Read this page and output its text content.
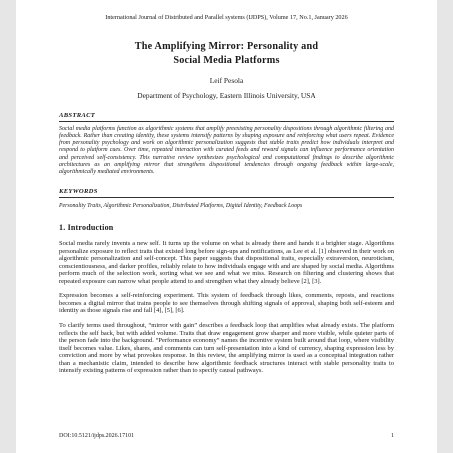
International Journal of Distributed and Parallel systems (IJDPS), Volume 17, No.1, January 2026
The Amplifying Mirror: Personality and
Social Media Platforms
Leif Pesola
Department of Psychology, Eastern Illinois University, USA
ABSTRACT
Social media platforms function as algorithmic systems that amplify preexisting personality dispositions through algorithmic filtering and feedback. Rather than creating identity, these systems intensify patterns by shaping exposure and reinforcing what users repeat. Evidence from personality psychology and work on algorithmic personalization suggests that stable traits predict how individuals interpret and respond to platform cues. Over time, repeated interaction with curated feeds and reward signals can influence performance orientation and perceived self-consistency. This narrative review synthesizes psychological and computational findings to describe algorithmic architectures as an amplifying mirror that strengthens dispositional tendencies through ongoing feedback within large-scale, algorithmically mediated environments.
KEYWORDS
Personality Traits, Algorithmic Personalization, Distributed Platforms, Digital Identity, Feedback Loops
1. Introduction
Social media rarely invents a new self. It turns up the volume on what is already there and hands it a brighter stage. Algorithms personalize exposure to reflect traits that existed long before sign-ups and notifications, as Lee et al. [1] observed in their work on algorithmic personalization and self-concept. This paper suggests that dispositional traits, especially extraversion, neuroticism, conscientiousness, and darker profiles, reliably relate to how individuals engage with and are shaped by social media. Algorithms perform much of the selection work, sorting what we see and what we miss. Research on filtering and clustering shows that repeated exposure can narrow what people attend to and strengthen what they already believe [2], [3].
Expression becomes a self-reinforcing experiment. This system of feedback through likes, comments, reposts, and reactions becomes a digital mirror that trains people to see themselves through shifting signals of approval, shaping both self-esteem and identity as those signals rise and fall [4], [5], [6].
To clarify terms used throughout, “mirror with gain” describes a feedback loop that amplifies what already exists. The platform reflects the self back, but with added volume. Traits that draw engagement grow sharper and more visible, while quieter parts of the person fade into the background. “Performance economy” names the incentive system built around that loop, where visibility itself becomes value. Likes, shares, and comments can turn self-presentation into a kind of currency, shaping expression less by conviction and more by what provokes response. In this review, the amplifying mirror is used as a conceptual integration rather than a mechanistic claim, intended to describe how algorithmic feedback structures interact with stable personality traits to intensify existing patterns of expression rather than to specify causal pathways.
DOI:10.5121/ijdps.2026.17101	1
